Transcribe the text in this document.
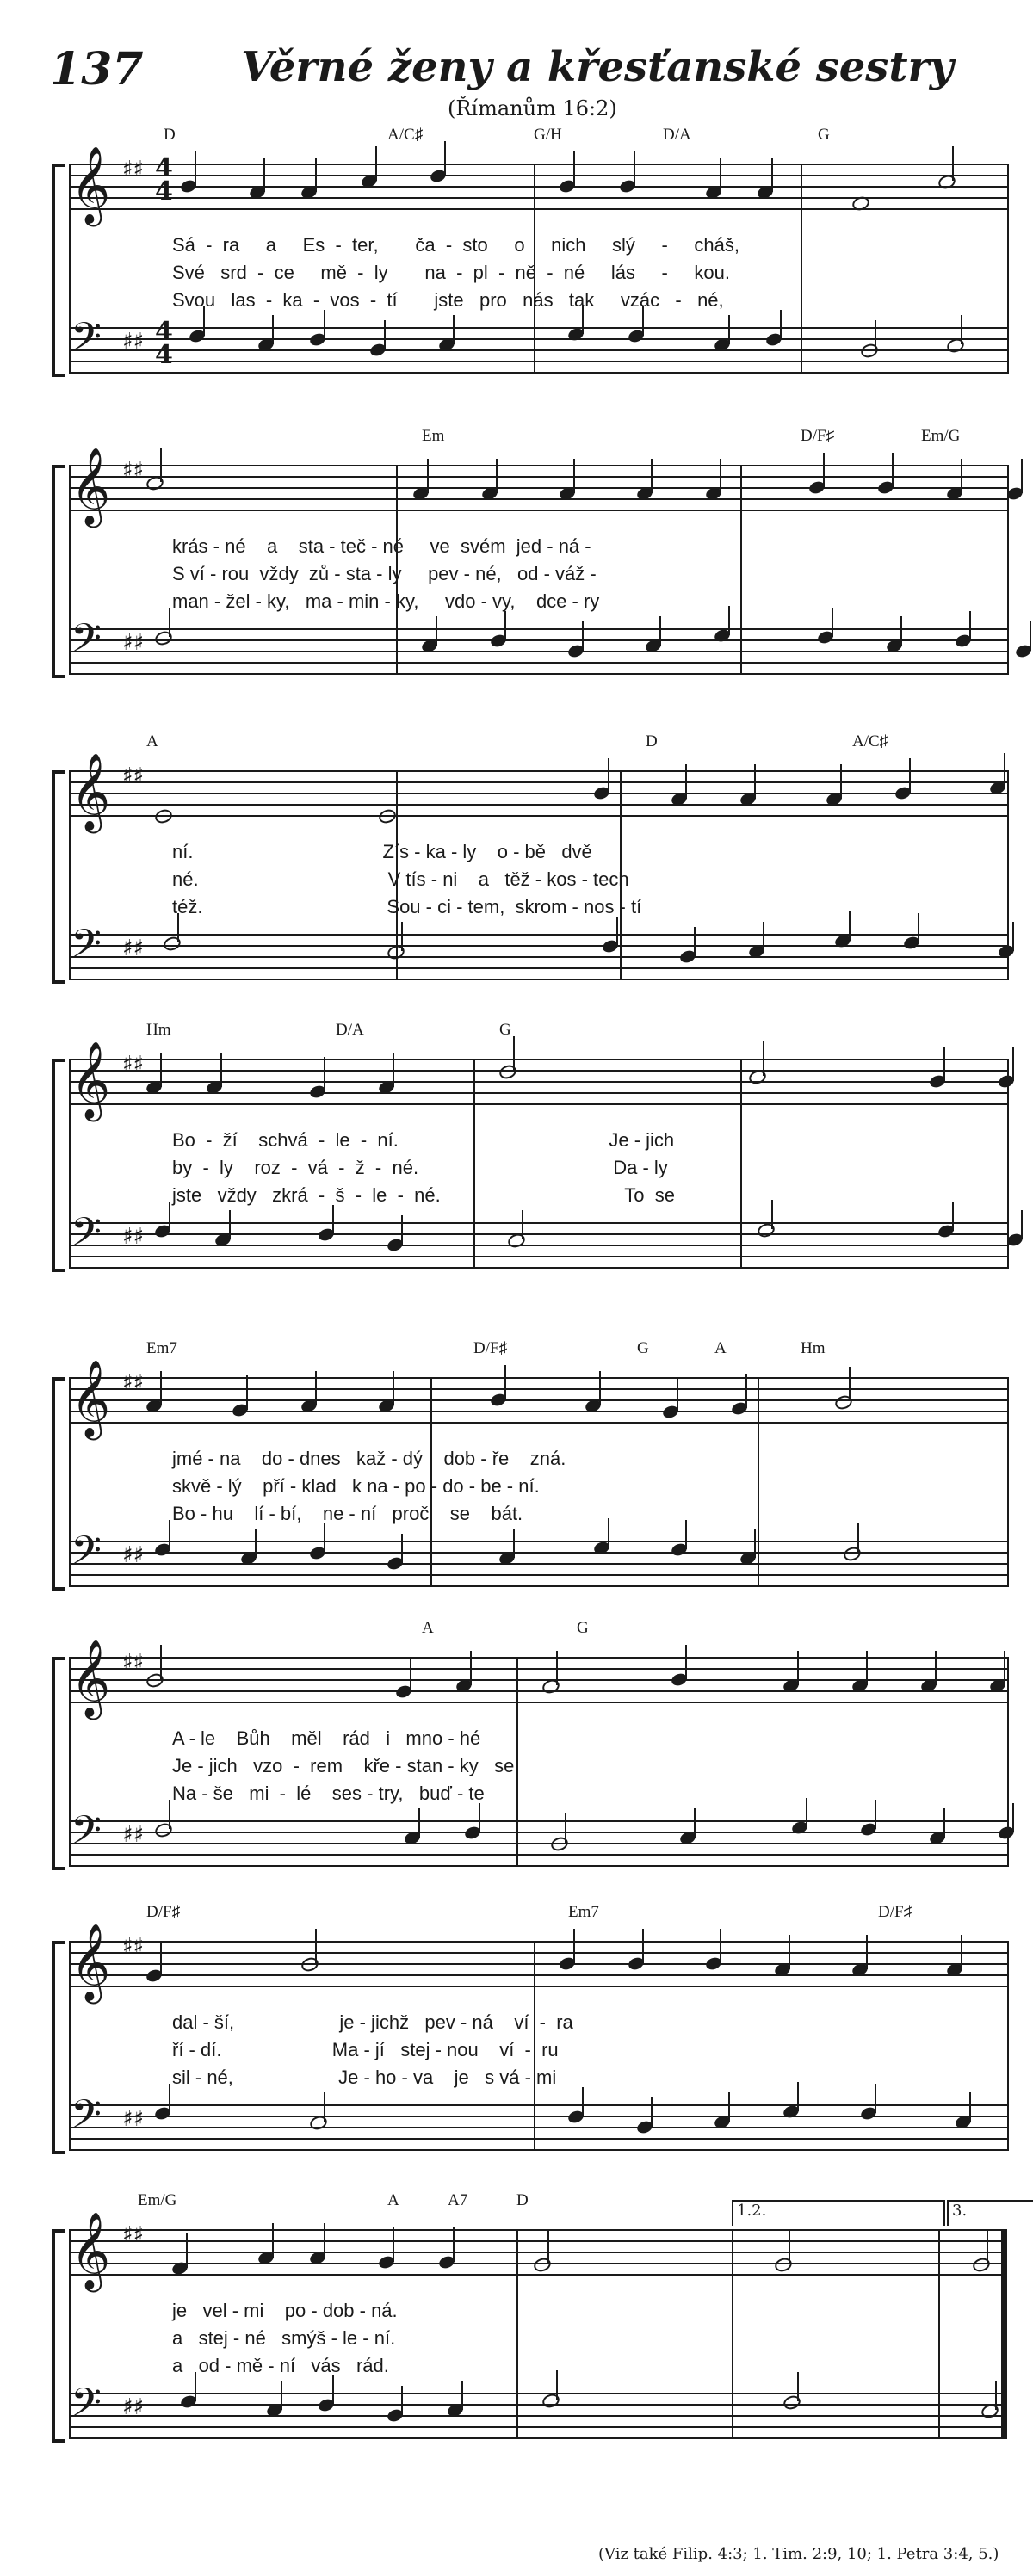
137 Věrné ženy a křesťanské sestry
(Římanům 16:2)
𝄞 ♯♯ 4
4
𝄢 ♯♯ 4
4
D	A/C♯	G/H	D/A	G
Sá  -  ra     a     Es  -  ter,       ča  -  sto     o     nich     slý     -     cháš,
Své   srd  -  ce     mě  -  ly       na  -  pl  -  ně  -  né     lás     -     kou.
Svou   las  -  ka  -  vos  -  tí       jste   pro   nás   tak     vzác   -   né,
𝄞 ♯♯
𝄢 ♯♯
Em	D/F♯	Em/G
krás - né    a    sta - teč - né     ve  svém  jed - ná -
S ví - rou  vždy  zů - sta - ly     pev - né,   od - váž -
man - žel - ky,   ma - min - ky,     vdo - vy,    dce - ry
𝄞 ♯♯
𝄢 ♯♯
A	D	A/C♯
ní.                                    Zís - ka - ly    o - bě   dvě
né.                                    V tís - ni    a   těž - kos - tech
též.                                   Sou - ci - tem,  skrom - nos - tí
𝄞 ♯♯
𝄢 ♯♯
Hm	D/A	G
Bo  -  ží    schvá  -  le  -  ní.                                        Je - jich
by  -  ly    roz  -  vá  -  ž  -  né.                                     Da - ly
jste   vždy   zkrá  -  š  -  le  -  né.                                   To  se
𝄞 ♯♯
𝄢 ♯♯
Em7	D/F♯	G	A	Hm
jmé - na    do - dnes   kaž - dý    dob - ře    zná.
skvě - lý    pří - klad   k na - po - do - be - ní.
Bo - hu    lí - bí,    ne - ní   proč    se    bát.
𝄞 ♯♯
𝄢 ♯♯
A	G
A - le    Bůh    měl    rád   i   mno - hé
Je - jich   vzo  -  rem    kře - stan - ky   se
Na - še   mi  -  lé    ses - try,   buď - te
𝄞 ♯♯
𝄢 ♯♯
D/F♯	Em7	D/F♯
dal - ší,                    je - jichž   pev - ná    ví  -  ra
ří - dí.                     Ma - jí   stej - nou    ví  -  ru
sil - né,                    Je - ho - va    je   s vá - mi
𝄞 ♯♯
𝄢 ♯♯
Em/G	A	A7	D
1.2.	3.
je   vel - mi    po - dob - ná.
a   stej - né   smýš - le - ní.
a   od - mě - ní   vás   rád.
(Viz také Filip. 4:3; 1. Tim. 2:9, 10; 1. Petra 3:4, 5.)
